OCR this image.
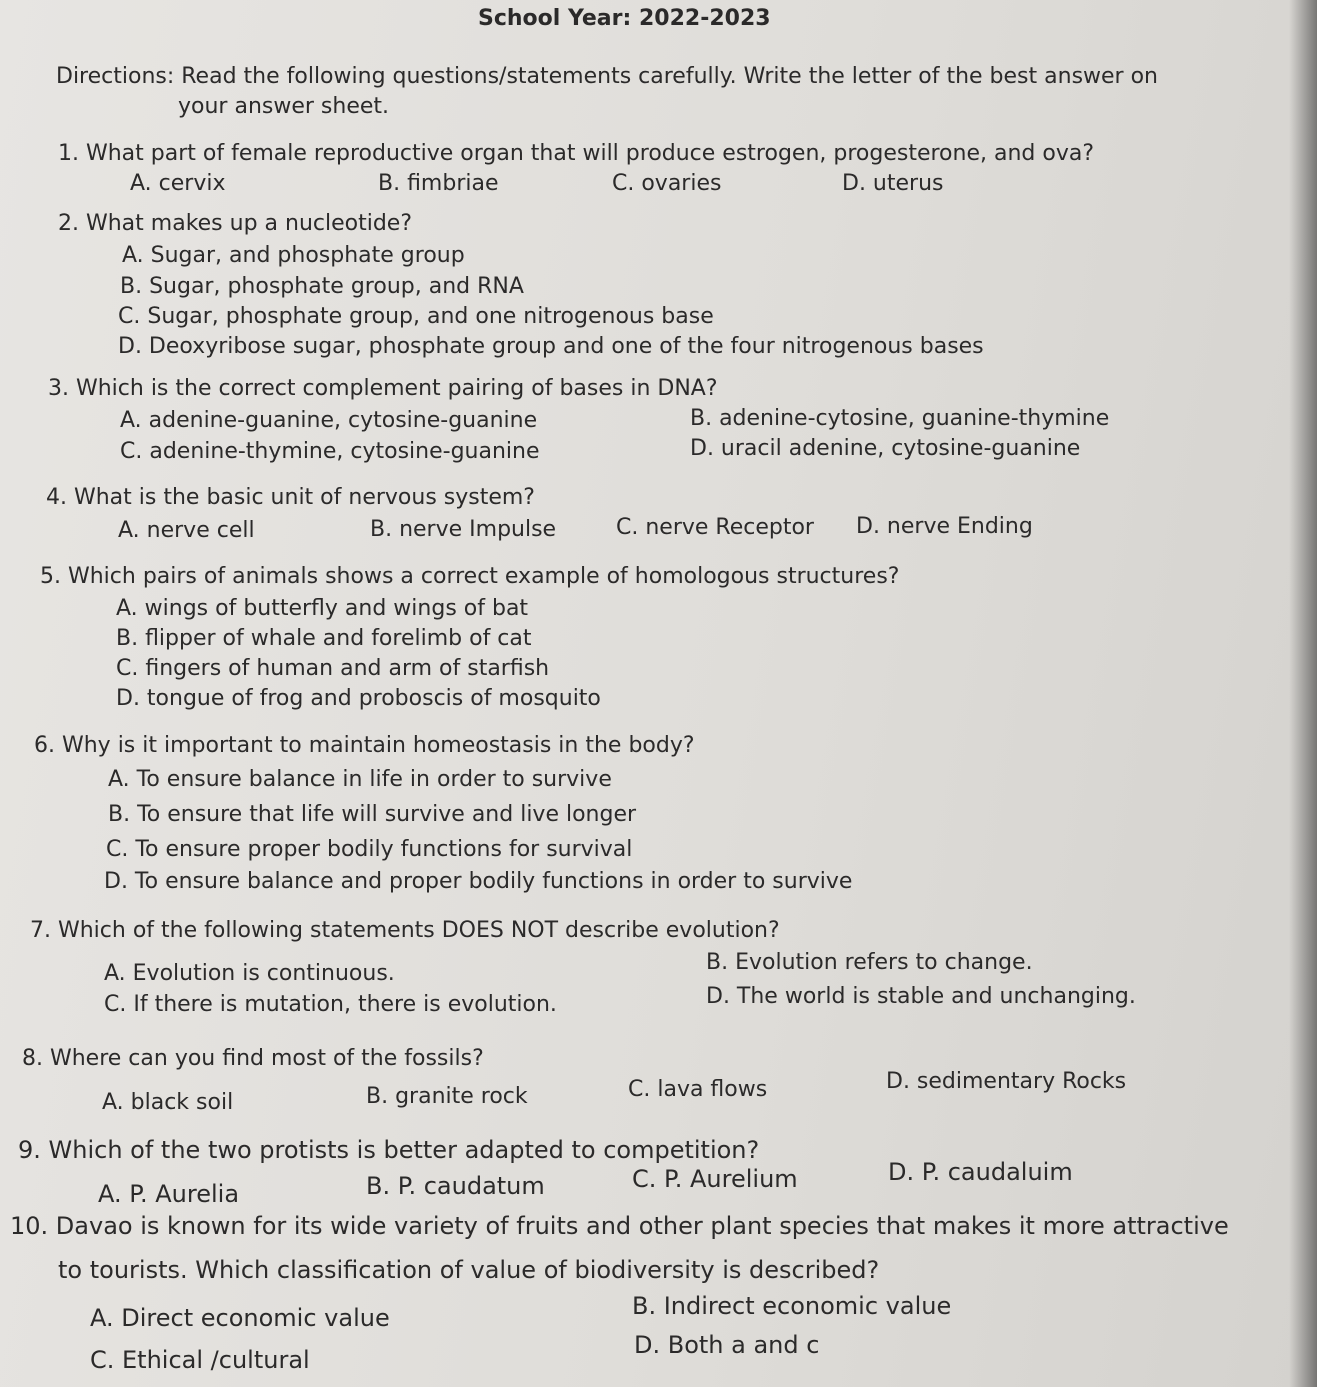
School Year: 2022-2023
Directions: Read the following questions/statements carefully. Write the letter of the best answer on
your answer sheet.
1. What part of female reproductive organ that will produce estrogen, progesterone, and ova?
A. cervix	B. fimbriae	C. ovaries	D. uterus
2. What makes up a nucleotide?
A. Sugar, and phosphate group
B. Sugar, phosphate group, and RNA
C. Sugar, phosphate group, and one nitrogenous base
D. Deoxyribose sugar, phosphate group and one of the four nitrogenous bases
3. Which is the correct complement pairing of bases in DNA?
A. adenine-guanine, cytosine-guanine	B. adenine-cytosine, guanine-thymine
C. adenine-thymine, cytosine-guanine	D. uracil adenine, cytosine-guanine
4. What is the basic unit of nervous system?
A. nerve cell	B. nerve Impulse	C. nerve Receptor D. nerve Ending
5. Which pairs of animals shows a correct example of homologous structures?
A. wings of butterfly and wings of bat
B. flipper of whale and forelimb of cat
C. fingers of human and arm of starfish
D. tongue of frog and proboscis of mosquito
6. Why is it important to maintain homeostasis in the body?
A. To ensure balance in life in order to survive
B. To ensure that life will survive and live longer
C. To ensure proper bodily functions for survival
D. To ensure balance and proper bodily functions in order to survive
7. Which of the following statements DOES NOT describe evolution?
A. Evolution is continuous.	B. Evolution refers to change.
C. If there is mutation, there is evolution.	D. The world is stable and unchanging.
8. Where can you find most of the fossils?
A. black soil	B. granite rock	C. lava flows	D. sedimentary Rocks
9. Which of the two protists is better adapted to competition?
A. P. Aurelia	B. P. caudatum	C. P. Aurelium	D. P. caudaluim
10. Davao is known for its wide variety of fruits and other plant species that makes it more attractive
to tourists. Which classification of value of biodiversity is described?
A. Direct economic value	B. Indirect economic value
C. Ethical /cultural
D. Both a and c
